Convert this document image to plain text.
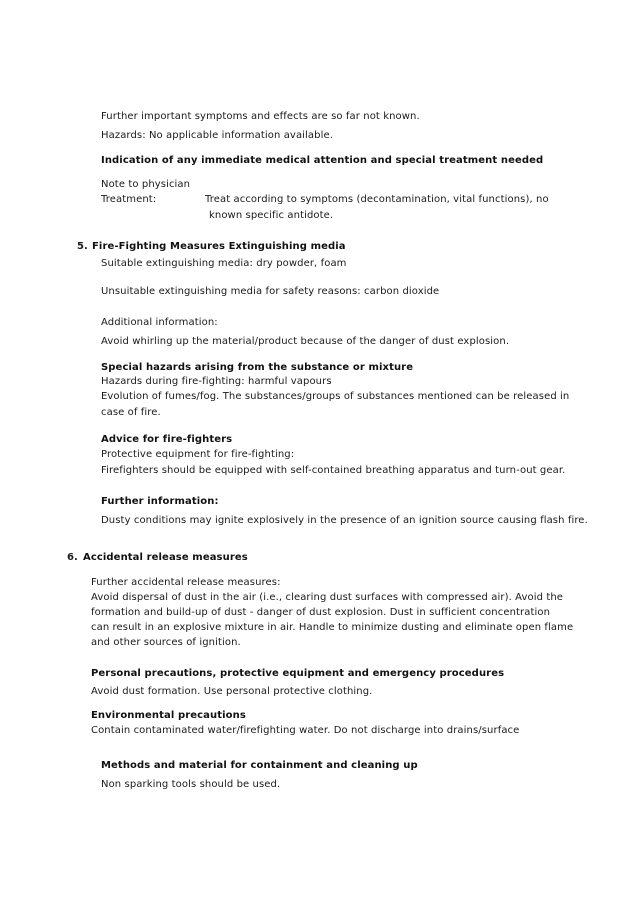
Further important symptoms and effects are so far not known.
Hazards: No applicable information available.
Indication of any immediate medical attention and special treatment needed
Note to physician
Treatment:	Treat according to symptoms (decontamination, vital functions), no
known specific antidote.
5. Fire-Fighting Measures Extinguishing media
Suitable extinguishing media: dry powder, foam
Unsuitable extinguishing media for safety reasons: carbon dioxide
Additional information:
Avoid whirling up the material/product because of the danger of dust explosion.
Special hazards arising from the substance or mixture
Hazards during fire-fighting: harmful vapours
Evolution of fumes/fog. The substances/groups of substances mentioned can be released in
case of fire.
Advice for fire-fighters
Protective equipment for fire-fighting:
Firefighters should be equipped with self-contained breathing apparatus and turn-out gear.
Further information:
Dusty conditions may ignite explosively in the presence of an ignition source causing flash fire.
6. Accidental release measures
Further accidental release measures:
Avoid dispersal of dust in the air (i.e., clearing dust surfaces with compressed air). Avoid the
formation and build-up of dust - danger of dust explosion. Dust in sufficient concentration
can result in an explosive mixture in air. Handle to minimize dusting and eliminate open flame
and other sources of ignition.
Personal precautions, protective equipment and emergency procedures
Avoid dust formation. Use personal protective clothing.
Environmental precautions
Contain contaminated water/firefighting water. Do not discharge into drains/surface
Methods and material for containment and cleaning up
Non sparking tools should be used.
